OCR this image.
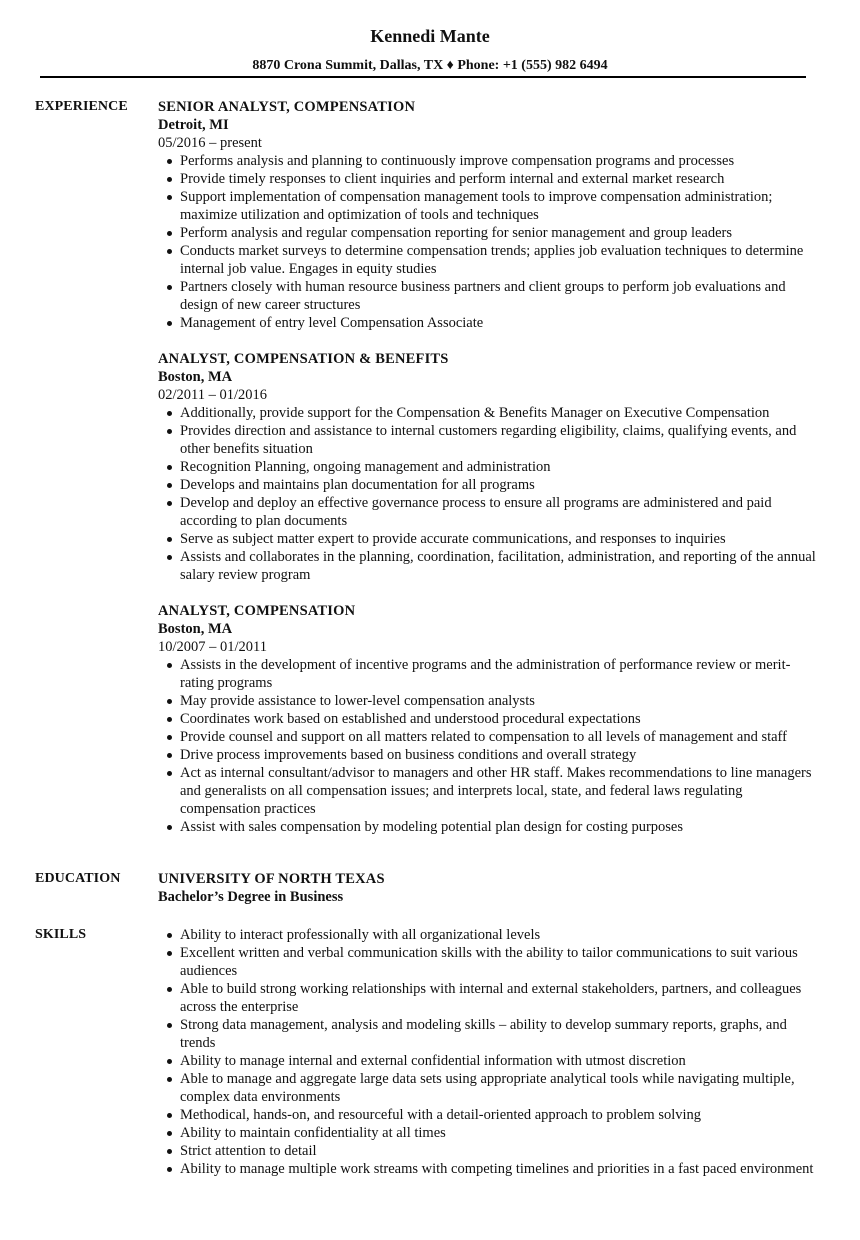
Kennedi Mante
8870 Crona Summit, Dallas, TX ♦ Phone: +1 (555) 982 6494
EXPERIENCE SENIOR ANALYST, COMPENSATION
Detroit, MI
05/2016 – present
Performs analysis and planning to continuously improve compensation programs and processes
Provide timely responses to client inquiries and perform internal and external market research
Support implementation of compensation management tools to improve compensation administration; maximize utilization and optimization of tools and techniques
Perform analysis and regular compensation reporting for senior management and group leaders
Conducts market surveys to determine compensation trends; applies job evaluation techniques to determine internal job value. Engages in equity studies
Partners closely with human resource business partners and client groups to perform job evaluations and design of new career structures
Management of entry level Compensation Associate
ANALYST, COMPENSATION & BENEFITS
Boston, MA
02/2011 – 01/2016
Additionally, provide support for the Compensation & Benefits Manager on Executive Compensation
Provides direction and assistance to internal customers regarding eligibility, claims, qualifying events, and other benefits situation
Recognition Planning, ongoing management and administration
Develops and maintains plan documentation for all programs
Develop and deploy an effective governance process to ensure all programs are administered and paid according to plan documents
Serve as subject matter expert to provide accurate communications, and responses to inquiries
Assists and collaborates in the planning, coordination, facilitation, administration, and reporting of the annual salary review program
ANALYST, COMPENSATION
Boston, MA
10/2007 – 01/2011
Assists in the development of incentive programs and the administration of performance review or merit-rating programs
May provide assistance to lower-level compensation analysts
Coordinates work based on established and understood procedural expectations
Provide counsel and support on all matters related to compensation to all levels of management and staff
Drive process improvements based on business conditions and overall strategy
Act as internal consultant/advisor to managers and other HR staff. Makes recommendations to line managers and generalists on all compensation issues; and interprets local, state, and federal laws regulating compensation practices
Assist with sales compensation by modeling potential plan design for costing purposes
EDUCATION	UNIVERSITY OF NORTH TEXAS
Bachelor’s Degree in Business
SKILLS	Ability to interact professionally with all organizational levels
Excellent written and verbal communication skills with the ability to tailor communications to suit various audiences
Able to build strong working relationships with internal and external stakeholders, partners, and colleagues across the enterprise
Strong data management, analysis and modeling skills – ability to develop summary reports, graphs, and trends
Ability to manage internal and external confidential information with utmost discretion
Able to manage and aggregate large data sets using appropriate analytical tools while navigating multiple, complex data environments
Methodical, hands-on, and resourceful with a detail-oriented approach to problem solving
Ability to maintain confidentiality at all times
Strict attention to detail
Ability to manage multiple work streams with competing timelines and priorities in a fast paced environment
